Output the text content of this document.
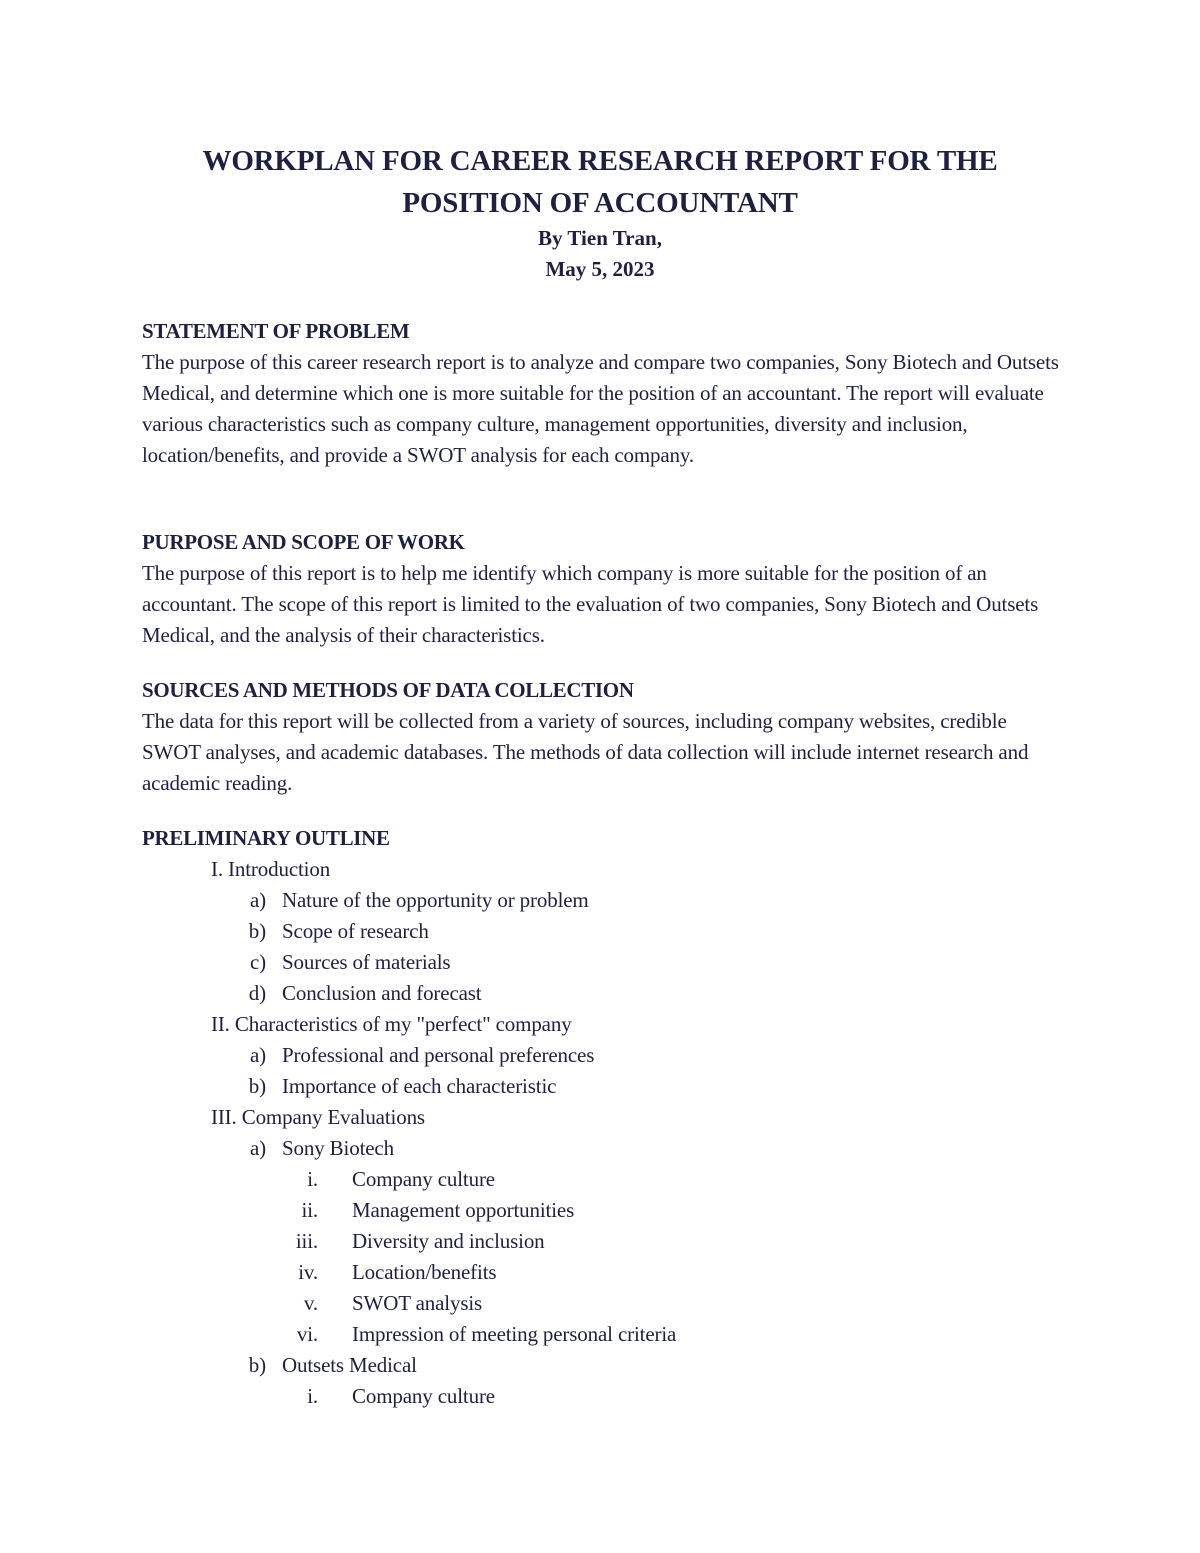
WORKPLAN FOR CAREER RESEARCH REPORT FOR THE
POSITION OF ACCOUNTANT
By Tien Tran,
May 5, 2023
STATEMENT OF PROBLEM

The purpose of this career research report is to analyze and compare two companies, Sony Biotech and Outsets Medical, and determine which one is more suitable for the position of an accountant. The report will evaluate various characteristics such as company culture, management opportunities, diversity and inclusion, location/benefits, and provide a SWOT analysis for each company.

PURPOSE AND SCOPE OF WORK

The purpose of this report is to help me identify which company is more suitable for the position of an accountant. The scope of this report is limited to the evaluation of two companies, Sony Biotech and Outsets Medical, and the analysis of their characteristics.

SOURCES AND METHODS OF DATA COLLECTION

The data for this report will be collected from a variety of sources, including company websites, credible SWOT analyses, and academic databases. The methods of data collection will include internet research and academic reading.

PRELIMINARY OUTLINE
I. Introduction
a) Nature of the opportunity or problem
b) Scope of research
c) Sources of materials
d) Conclusion and forecast
II. Characteristics of my "perfect" company
a) Professional and personal preferences
b) Importance of each characteristic
III. Company Evaluations
a) Sony Biotech
i. Company culture
ii. Management opportunities
iii. Diversity and inclusion
iv. Location/benefits
v. SWOT analysis
vi. Impression of meeting personal criteria
b) Outsets Medical
i. Company culture
